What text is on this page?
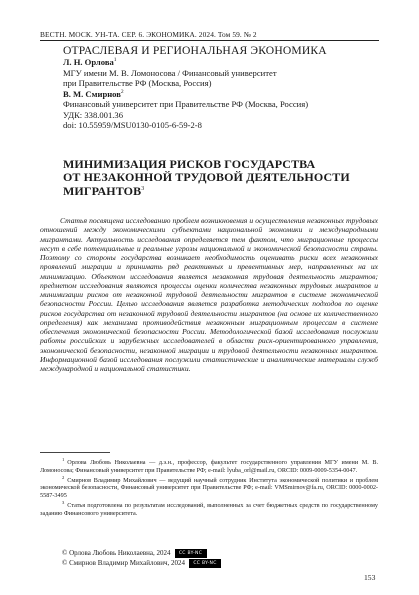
ВЕСТН. МОСК. УН-ТА. СЕР. 6. ЭКОНОМИКА. 2024. Том 59. № 2
ОТРАСЛЕВАЯ И РЕГИОНАЛЬНАЯ ЭКОНОМИКА
Л. Н. Орлова$^1$
МГУ имени М. В. Ломоносова / Финансовый университет
при Правительстве РФ (Москва, Россия)
В. М. Смирнов$^2$
Финансовый университет при Правительстве РФ (Москва, Россия)
УДК: 338.001.36
doi: 10.55959/MSU0130-0105-6-59-2-8
МИНИМИЗАЦИЯ РИСКОВ ГОСУДАРСТВА
ОТ НЕЗАКОННОЙ ТРУДОВОЙ ДЕЯТЕЛЬНОСТИ
МИГРАНТОВ$^3$
Статья посвящена исследованию проблем возникновения и осуществления незаконных трудовых отношений между экономическими субъектами национальной экономики и международными мигрантами. Актуальность исследования определяется тем фактом, что миграционные процессы несут в себе потенциальные и реальные угрозы национальной и экономической безопасности страны. Поэтому со стороны государства возникает необходимость оценивать риски всех незаконных проявлений миграции и принимать ряд реактивных и превентивных мер, направленных на их минимизацию. Объектом исследования является незаконная трудовая деятельность мигрантов; предметом исследования являются процессы оценки количества незаконных трудовых мигрантов и минимизации рисков от незаконной трудовой деятельности мигрантов в системе экономической безопасности России. Целью исследования является разработка методических подходов по оценке рисков государства от незаконной трудовой деятельности мигрантов (на основе их количественного определения) как механизма противодействия незаконным миграционным процессам в системе обеспечения экономической безопасности России. Методологической базой исследования послужили работы российских и зарубежных исследователей в области риск-ориентированного управления, экономической безопасности, незаконной миграции и трудовой деятельности незаконных мигрантов. Информационной базой исследования послужили статистические и аналитические материалы служб международной и национальной статистики.

$^1$ Орлова Любовь Николаевна — д.э.н., профессор, факультет государственного управления МГУ имени М. В. Ломоносова; Финансовый университет при Правительстве РФ; e-mail: lyuba_orl@mail.ru, ORCID: 0009-0009-5354-0047.

$^2$ Смирнов Владимир Михайлович — ведущий научный сотрудник Института экономической политики и проблем экономической безопасности, Финансовый университет при Правительстве РФ; e-mail: VMSmirnov@fa.ru, ORCID: 0000-0002-5587-3495

$^3$ Статья подготовлена по результатам исследований, выполненных за счет бюджетных средств по государственному заданию Финансового университета.

© Орлова Любовь Николаевна, 2024 CC BY-NC
© Смирнов Владимир Михайлович, 2024 CC BY-NC
153
